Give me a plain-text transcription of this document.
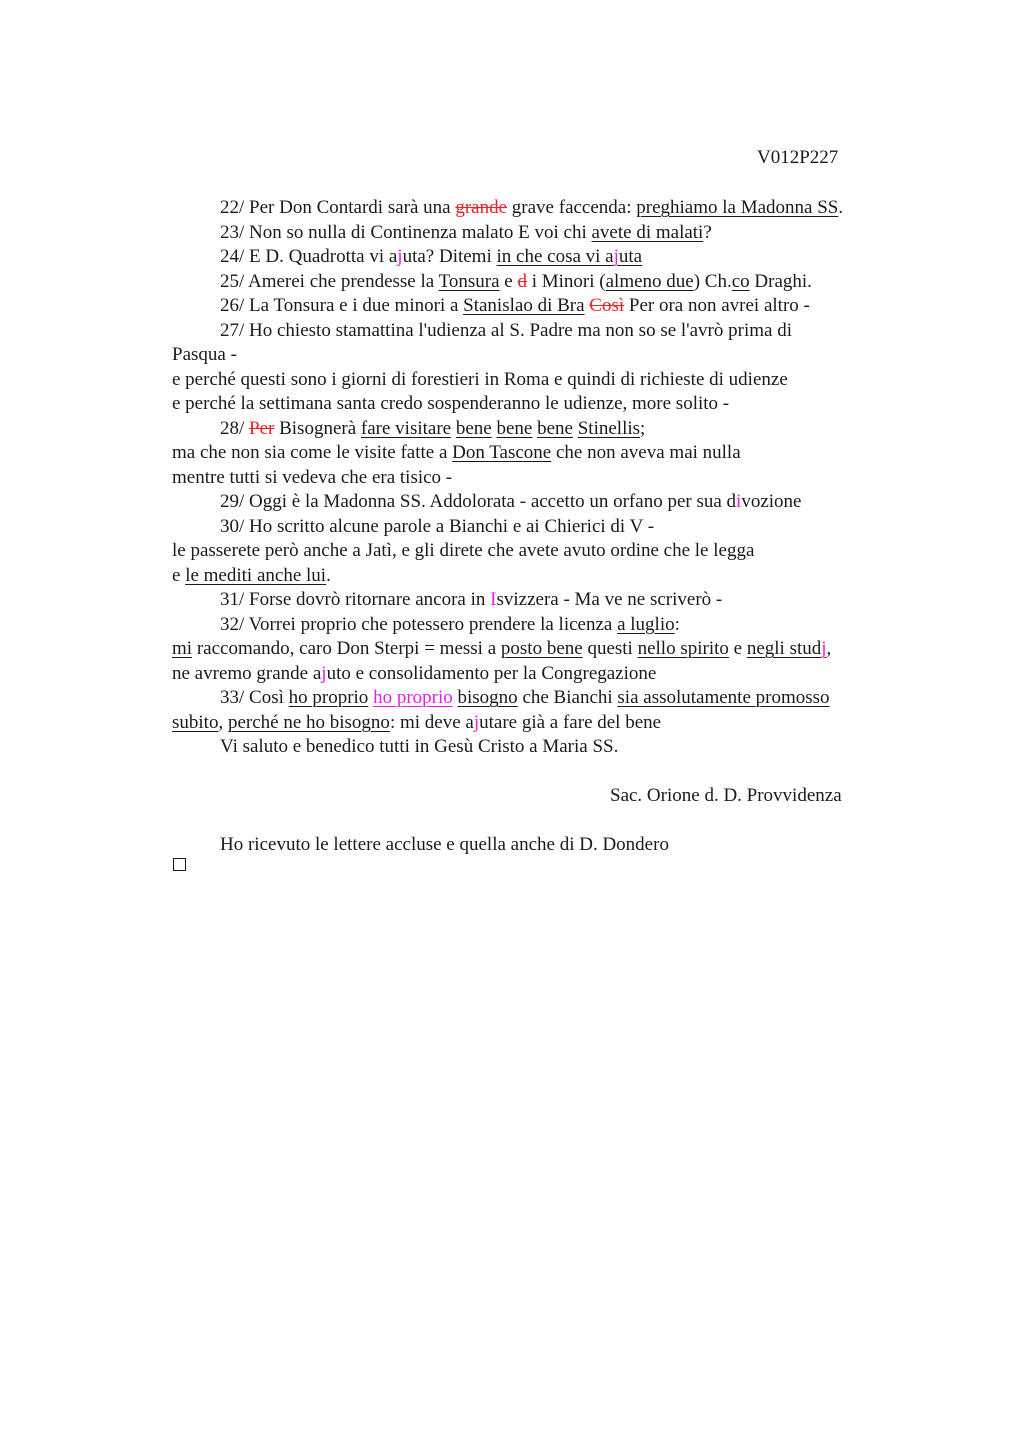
V012P227
22/ Per Don Contardi sarà una grande grave faccenda: preghiamo la Madonna SS.
23/ Non so nulla di Continenza malato E voi chi avete di malati?
24/ E D. Quadrotta vi ajuta? Ditemi in che cosa vi ajuta
25/ Amerei che prendesse la Tonsura e d i Minori (almeno due) Ch.co Draghi.
26/ La Tonsura e i due minori a Stanislao di Bra Così Per ora non avrei altro -
27/ Ho chiesto stamattina l'udienza al S. Padre ma non so se l'avrò prima di
Pasqua -
e perché questi sono i giorni di forestieri in Roma e quindi di richieste di udienze
e perché la settimana santa credo sospenderanno le udienze, more solito -
28/ Per Bisognerà fare visitare bene bene bene Stinellis;
ma che non sia come le visite fatte a Don Tascone che non aveva mai nulla
mentre tutti si vedeva che era tisico -
29/ Oggi è la Madonna SS. Addolorata - accetto un orfano per sua divozione
30/ Ho scritto alcune parole a Bianchi e ai Chierici di V -
le passerete però anche a Jatì, e gli direte che avete avuto ordine che le legga
e le mediti anche lui.
31/ Forse dovrò ritornare ancora in Isvizzera - Ma ve ne scriverò -
32/ Vorrei proprio che potessero prendere la licenza a luglio:
mi raccomando, caro Don Sterpi = messi a posto bene questi nello spirito e negli studj,
ne avremo grande ajuto e consolidamento per la Congregazione
33/ Così ho proprio ho proprio bisogno che Bianchi sia assolutamente promosso
subito, perché ne ho bisogno: mi deve ajutare già a fare del bene
Vi saluto e benedico tutti in Gesù Cristo a Maria SS.
Sac. Orione d. D. Provvidenza
Ho ricevuto le lettere accluse e quella anche di D. Dondero
